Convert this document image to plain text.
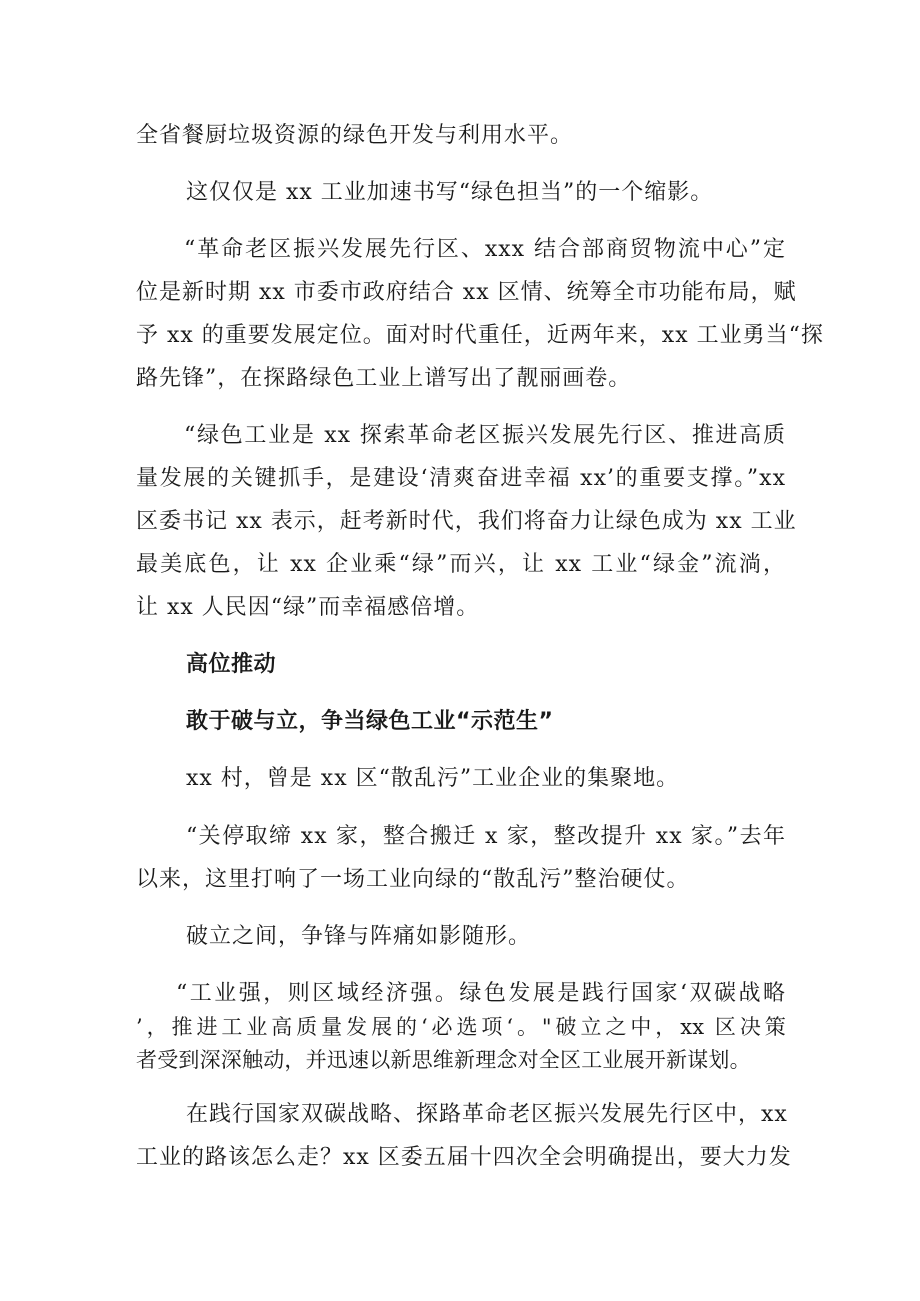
全省餐厨垃圾资源的绿色开发与利用水平。
这仅仅是 xx 工业加速书写“绿色担当”的一个缩影。
“革命老区振兴发展先行区、xxx 结合部商贸物流中心”定
位是新时期 xx 市委市政府结合 xx 区情、统筹全市功能布局，赋
予 xx 的重要发展定位。面对时代重任，近两年来，xx 工业勇当“探
路先锋”，在探路绿色工业上谱写出了靓丽画卷。
“绿色工业是 xx 探索革命老区振兴发展先行区、推进高质
量发展的关键抓手，是建设‘清爽奋进幸福 xx’的重要支撑。”xx
区委书记 xx 表示，赶考新时代，我们将奋力让绿色成为 xx 工业
最美底色，让 xx 企业乘“绿”而兴，让 xx 工业“绿金”流淌，
让 xx 人民因“绿”而幸福感倍增。
高位推动
敢于破与立，争当绿色工业“示范生”
xx 村，曾是 xx 区“散乱污”工业企业的集聚地。
“关停取缔 xx 家，整合搬迁 x 家，整改提升 xx 家。”去年
以来，这里打响了一场工业向绿的“散乱污”整治硬仗。
破立之间，争锋与阵痛如影随形。
“工业强，则区域经济强。绿色发展是践行国家‘双碳战略
’，推进工业高质量发展的‘必选项‘。"破立之中，xx 区决策
者受到深深触动，并迅速以新思维新理念对全区工业展开新谋划。
在践行国家双碳战略、探路革命老区振兴发展先行区中，xx
工业的路该怎么走？xx 区委五届十四次全会明确提出，要大力发
